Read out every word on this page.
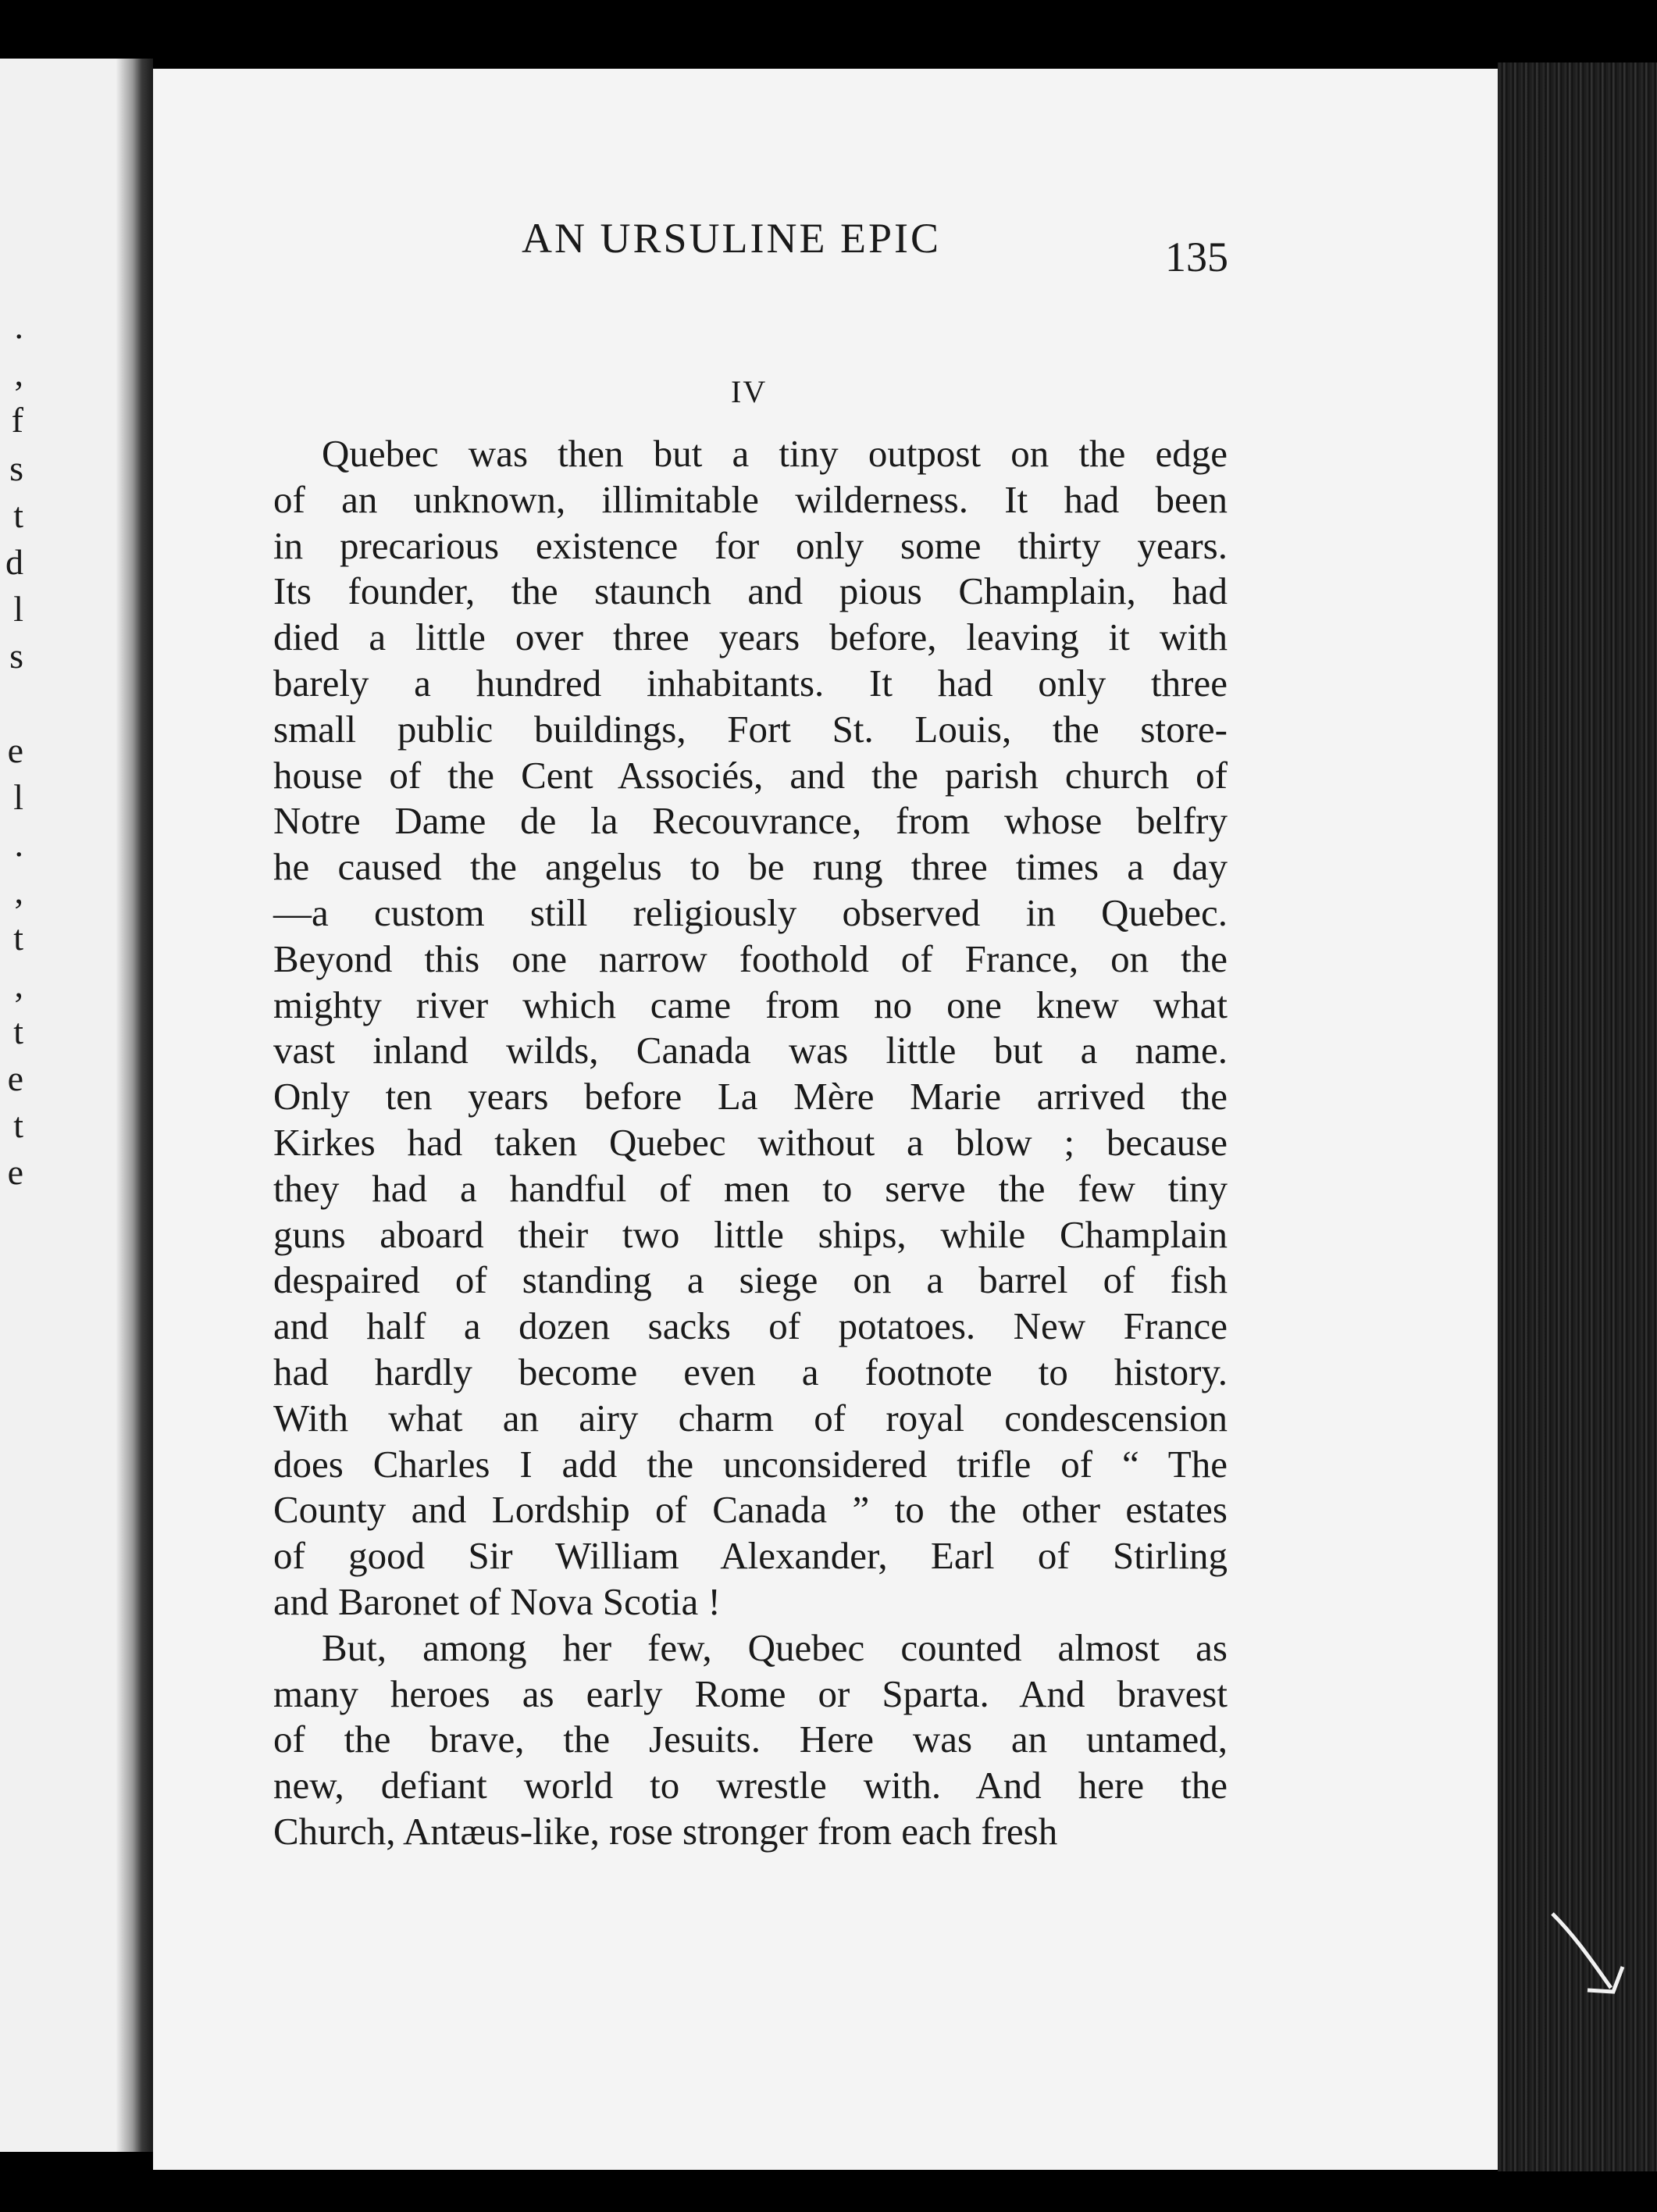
.
,
f
s
t
d
l
s
e
l
.
,
t
,
t
e
t
e
AN URSULINE EPIC	135
IV
Quebec was then but a tiny outpost on the edge
of an unknown, illimitable wilderness. It had been
in precarious existence for only some thirty years.
Its founder, the staunch and pious Champlain, had
died a little over three years before, leaving it with
barely a hundred inhabitants. It had only three
small public buildings, Fort St. Louis, the store-
house of the Cent Associés, and the parish church of
Notre Dame de la Recouvrance, from whose belfry
he caused the angelus to be rung three times a day
—a custom still religiously observed in Quebec.
Beyond this one narrow foothold of France, on the
mighty river which came from no one knew what
vast inland wilds, Canada was little but a name.
Only ten years before La Mère Marie arrived the
Kirkes had taken Quebec without a blow ; because
they had a handful of men to serve the few tiny
guns aboard their two little ships, while Champlain
despaired of standing a siege on a barrel of fish
and half a dozen sacks of potatoes. New France
had hardly become even a footnote to history.
With what an airy charm of royal condescension
does Charles I add the unconsidered trifle of “ The
County and Lordship of Canada ” to the other estates
of good Sir William Alexander, Earl of Stirling
and Baronet of Nova Scotia !
But, among her few, Quebec counted almost as
many heroes as early Rome or Sparta. And bravest
of the brave, the Jesuits. Here was an untamed,
new, defiant world to wrestle with. And here the
Church, Antæus-like, rose stronger from each fresh
